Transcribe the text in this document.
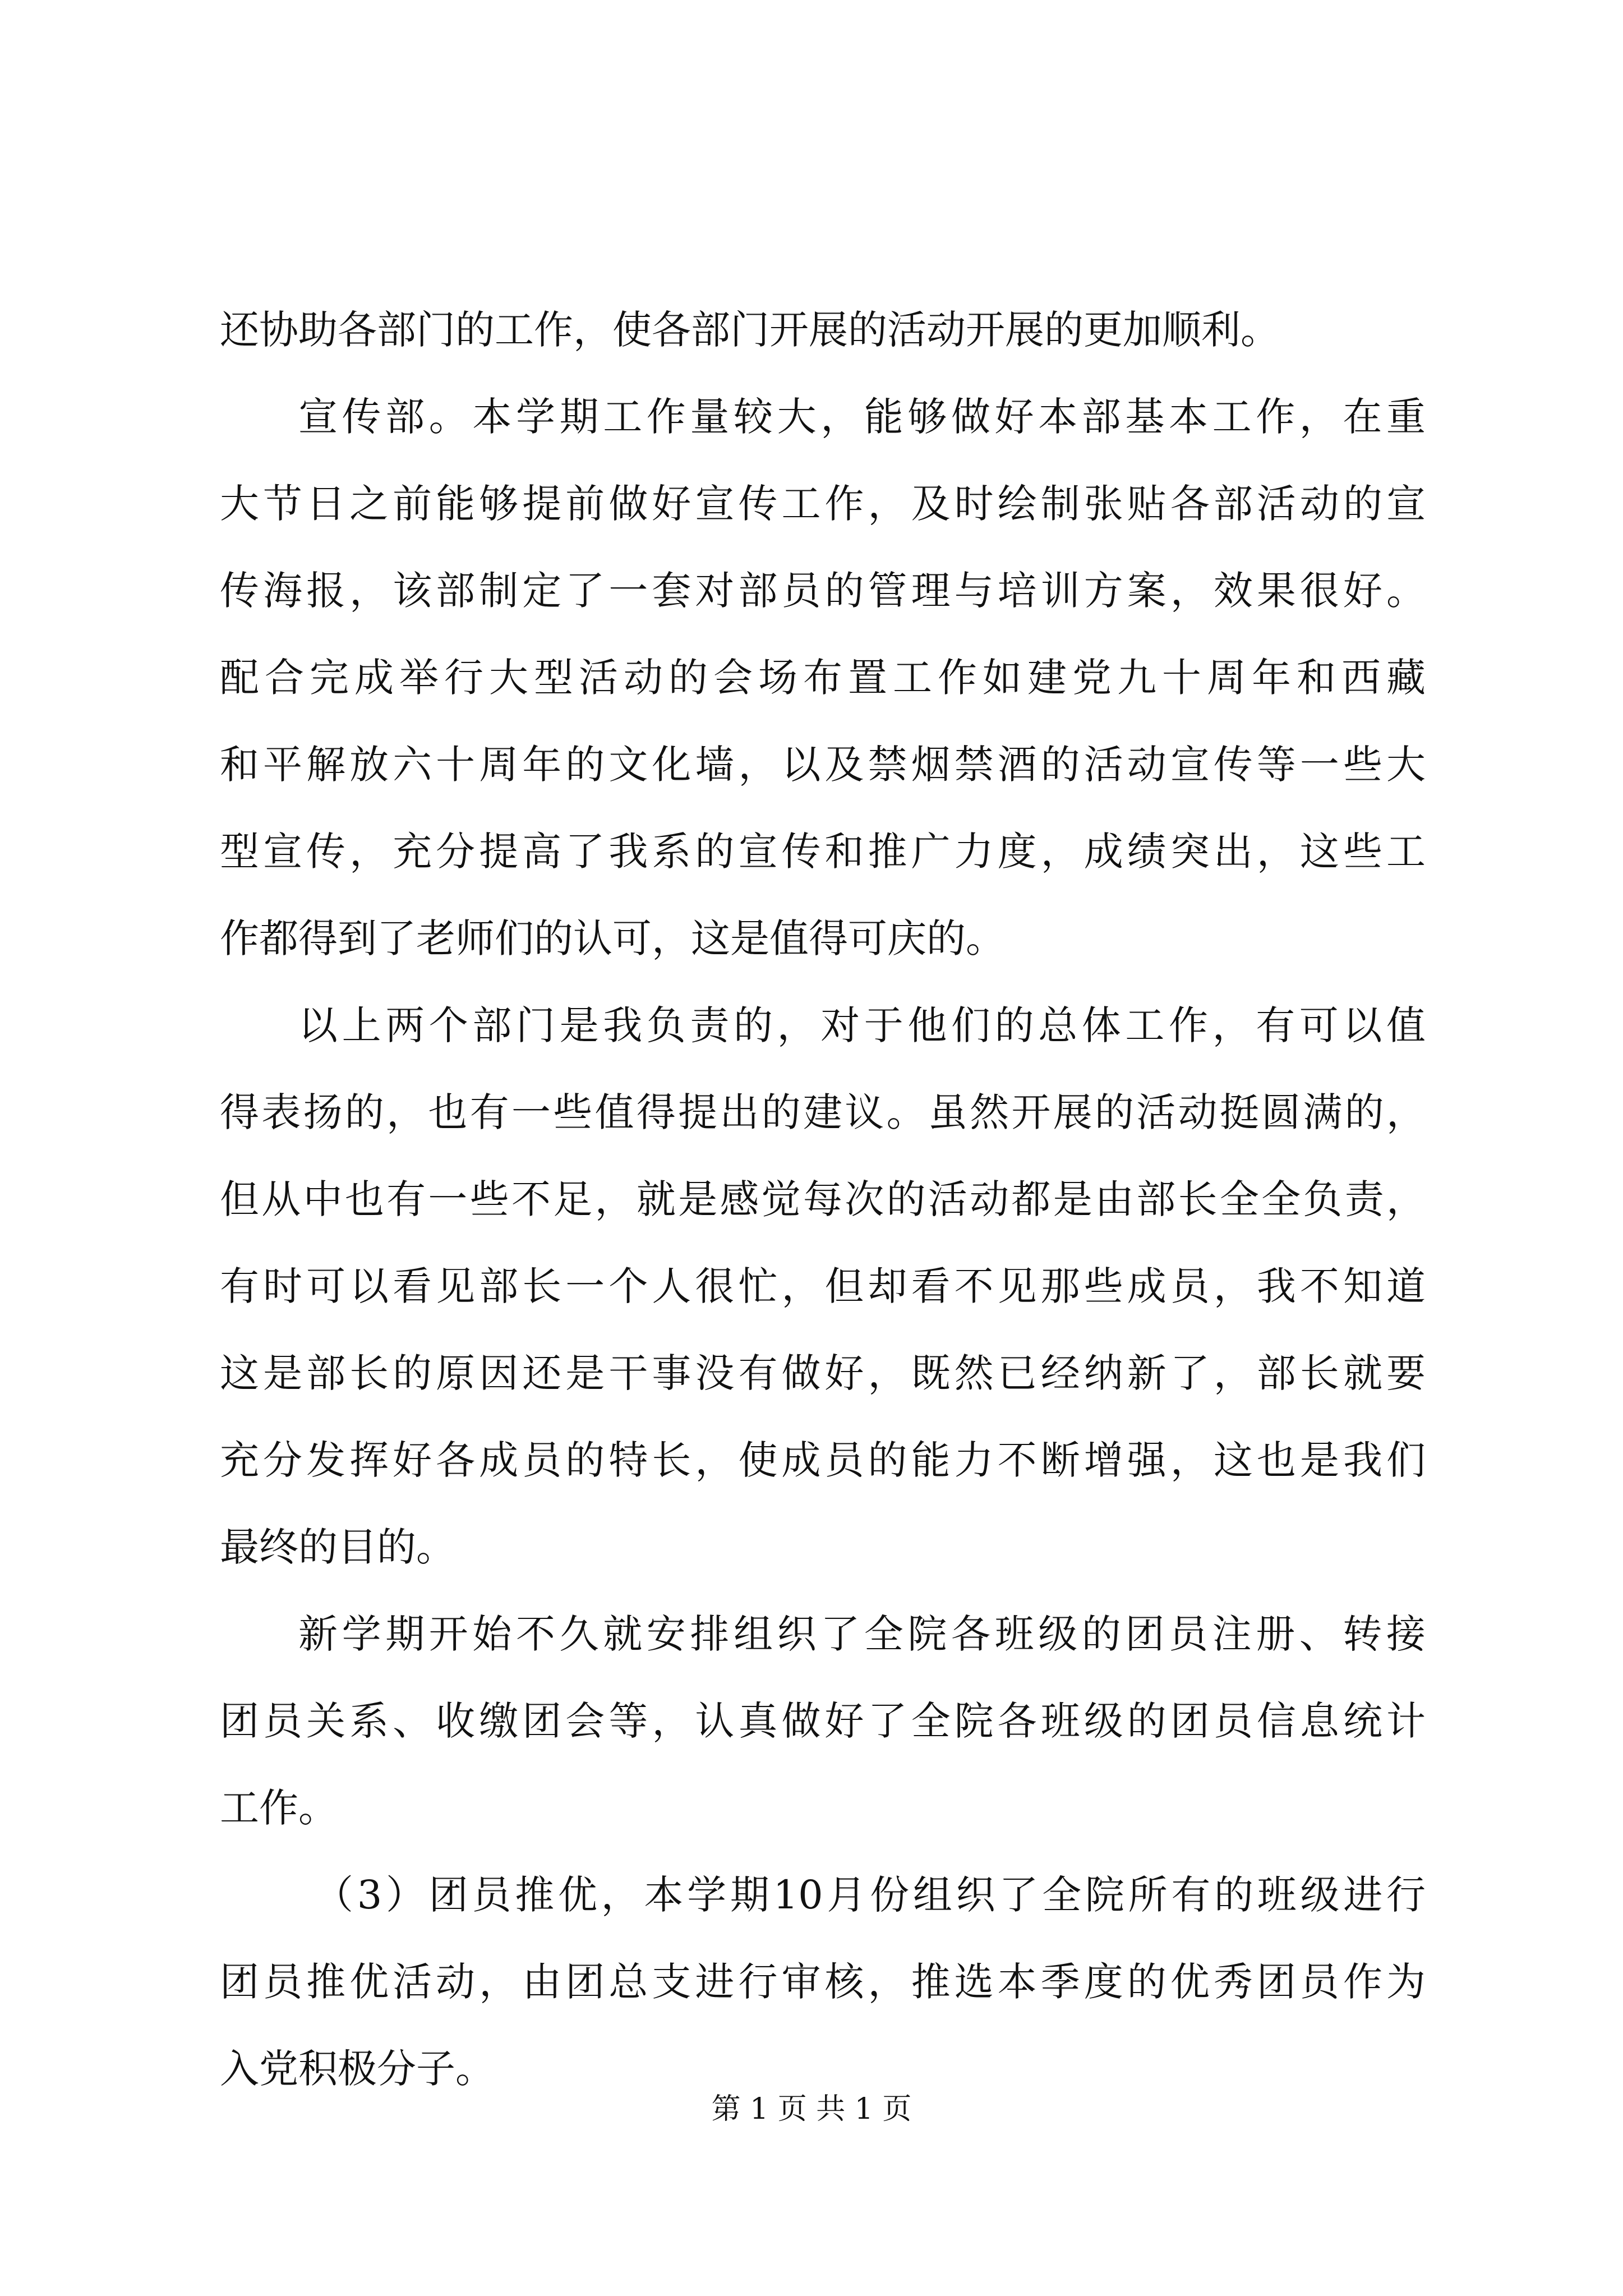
还协助各部门的工作，使各部门开展的活动开展的更加顺利。
宣传部。本学期工作量较大，能够做好本部基本工作，在重
大节日之前能够提前做好宣传工作，及时绘制张贴各部活动的宣
传海报，该部制定了一套对部员的管理与培训方案，效果很好。
配合完成举行大型活动的会场布置工作如建党九十周年和西藏
和平解放六十周年的文化墙，以及禁烟禁酒的活动宣传等一些大
型宣传，充分提高了我系的宣传和推广力度，成绩突出，这些工
作都得到了老师们的认可，这是值得可庆的。
以上两个部门是我负责的，对于他们的总体工作，有可以值
得表扬的，也有一些值得提出的建议。虽然开展的活动挺圆满的，
但从中也有一些不足，就是感觉每次的活动都是由部长全全负责，
有时可以看见部长一个人很忙，但却看不见那些成员，我不知道
这是部长的原因还是干事没有做好，既然已经纳新了，部长就要
充分发挥好各成员的特长，使成员的能力不断增强，这也是我们
最终的目的。
新学期开始不久就安排组织了全院各班级的团员注册、转接
团员关系、收缴团会等，认真做好了全院各班级的团员信息统计
工作。
（3）团员推优，本学期10月份组织了全院所有的班级进行
团员推优活动，由团总支进行审核，推选本季度的优秀团员作为
入党积极分子。
第 1 页 共 1 页
